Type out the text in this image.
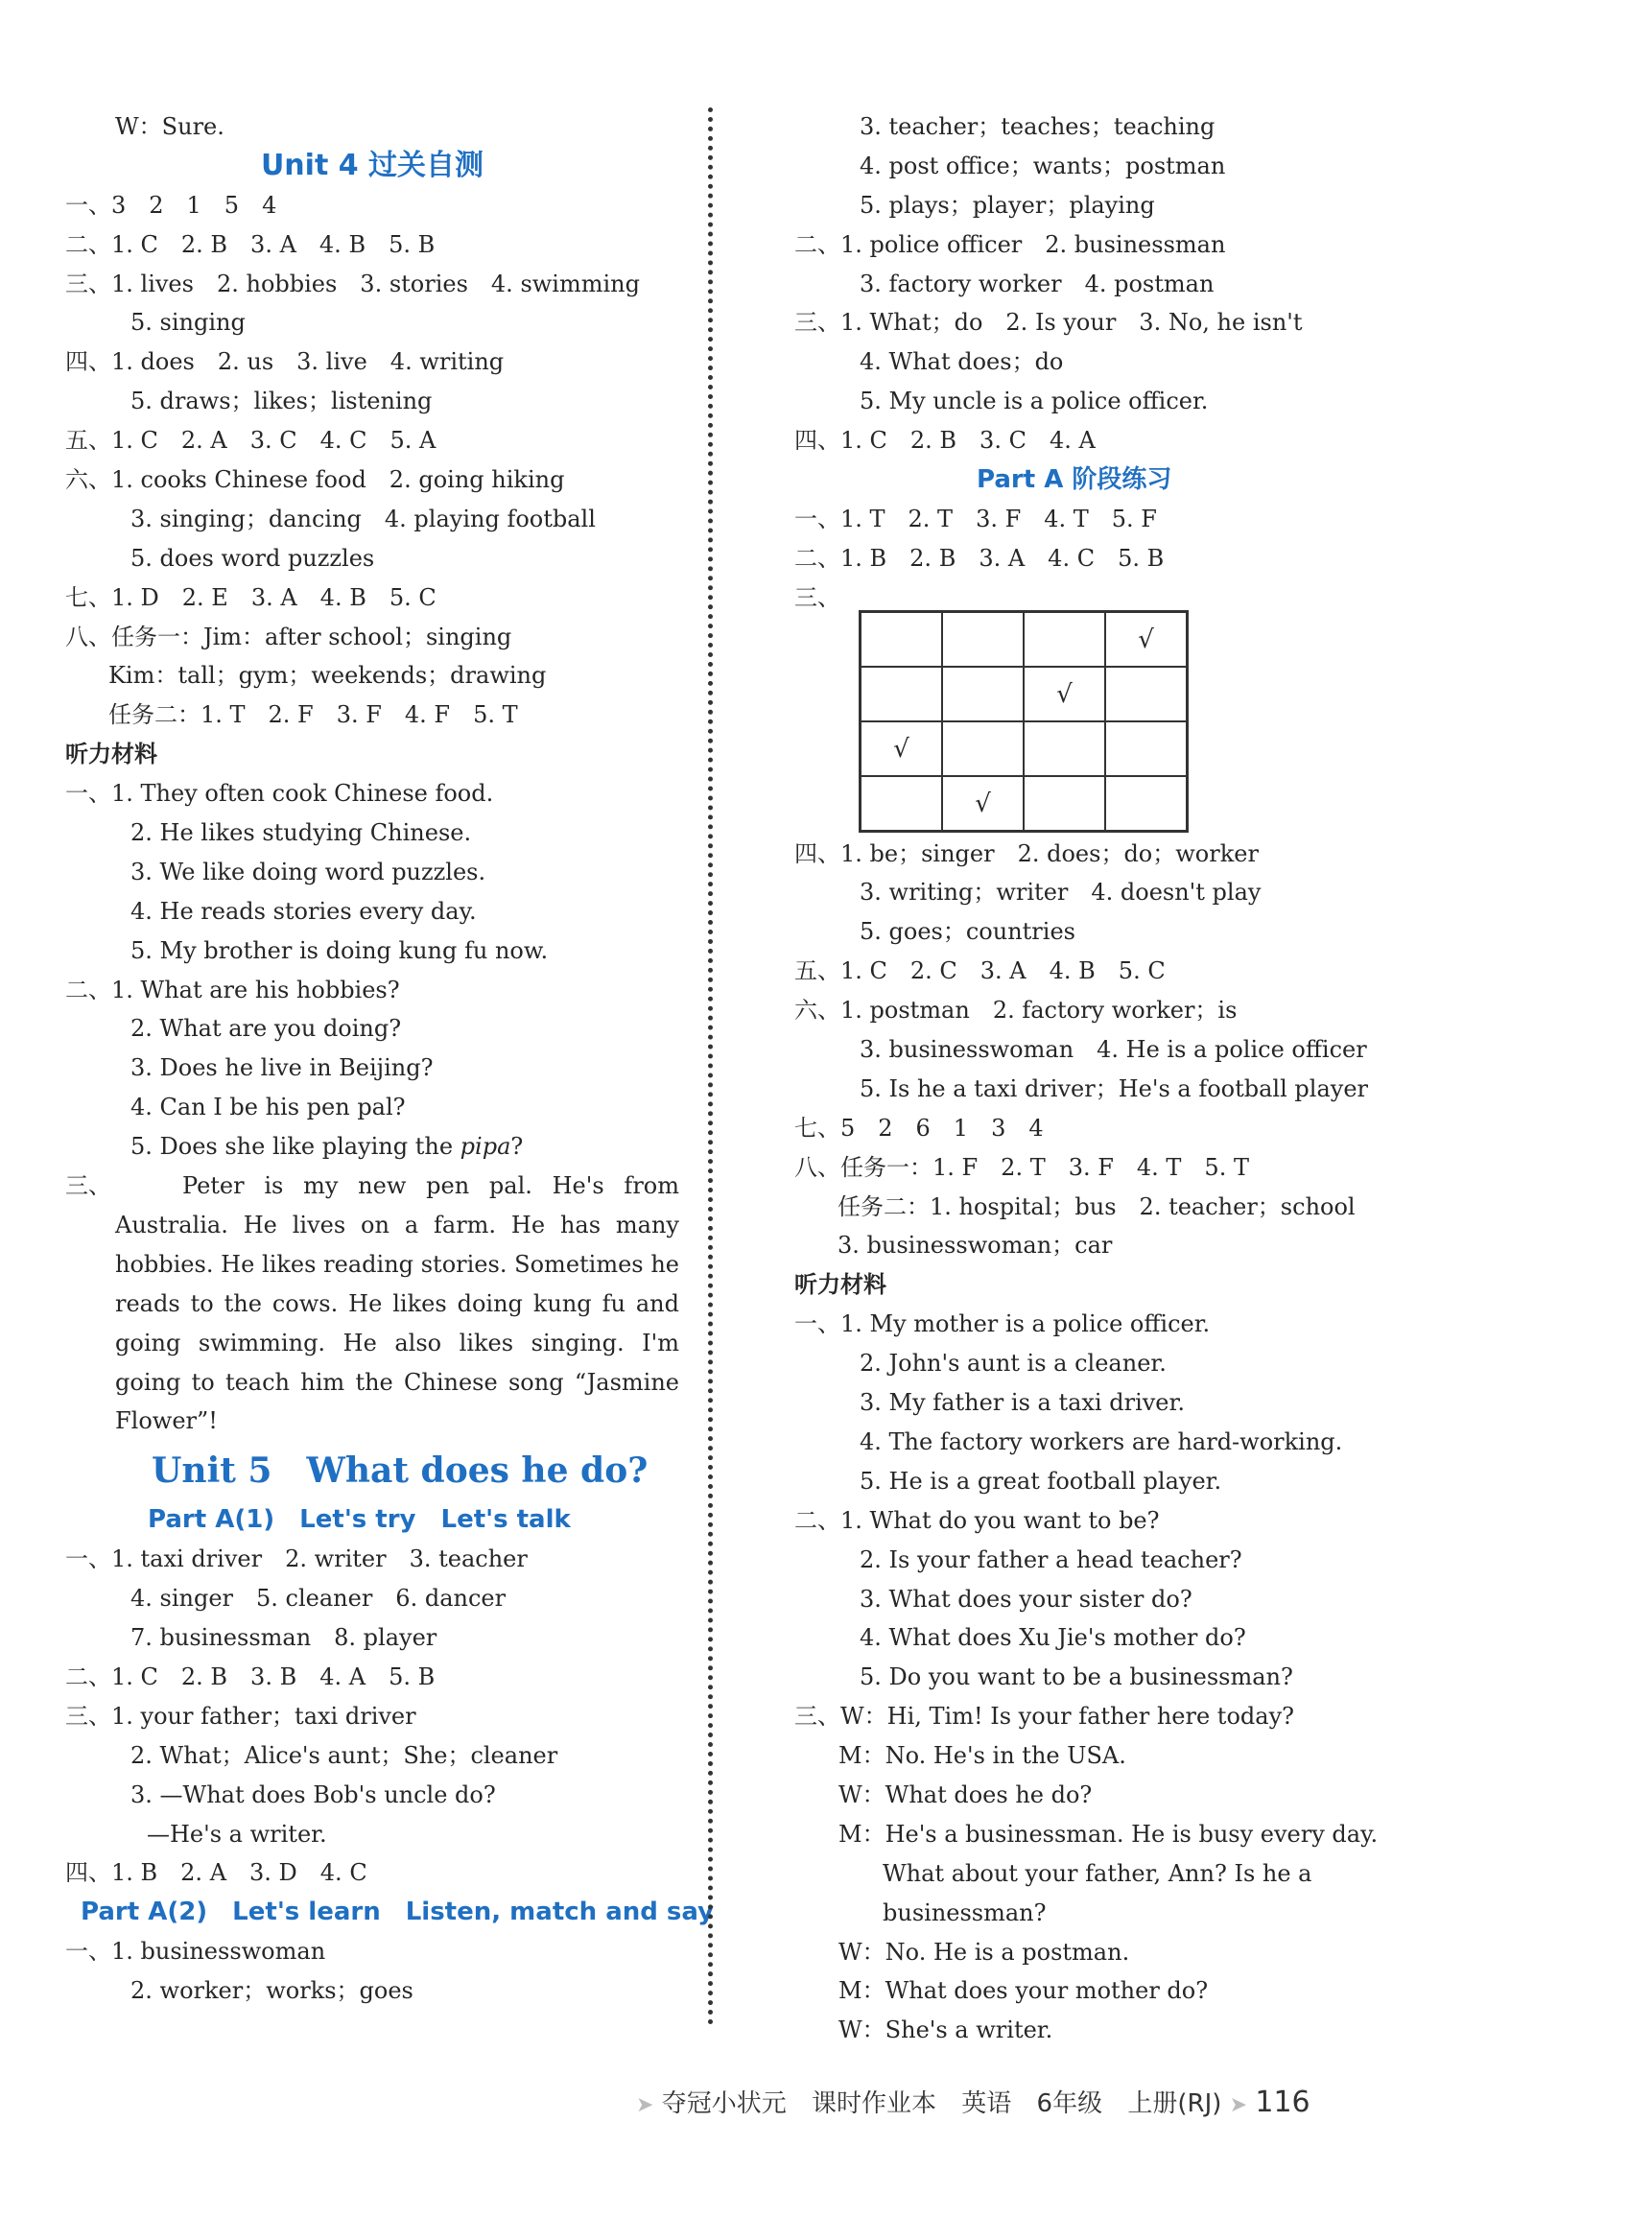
W：Sure.
Unit 4 过关自测
一、3　2　1　5　4
二、1. C　2. B　3. A　4. B　5. B
三、1. lives　2. hobbies　3. stories　4. swimming
5. singing
四、1. does　2. us　3. live　4. writing
5. draws；likes；listening
五、1. C　2. A　3. C　4. C　5. A
六、1. cooks Chinese food　2. going hiking
3. singing；dancing　4. playing football
5. does word puzzles
七、1. D　2. E　3. A　4. B　5. C
八、任务一：Jim：after school；singing
Kim：tall；gym；weekends；drawing
任务二：1. T　2. F　3. F　4. F　5. T
听力材料
一、1. They often cook Chinese food.
2. He likes studying Chinese.
3. We like doing word puzzles.
4. He reads stories every day.
5. My brother is doing kung fu now.
二、1. What are his hobbies?
2. What are you doing?
3. Does he live in Beijing?
4. Can I be his pen pal?
5. Does she like playing the pipa?
三、	Peter is my new pen pal. He's from
Australia. He lives on a farm. He has many hobbies. He likes reading stories. Sometimes he reads to the cows. He likes doing kung fu and going swimming. He also likes singing. I'm going to teach him the Chinese song “Jasmine Flower”!
Unit 5　What does he do?
Part A(1)　Let's try　Let's talk
一、1. taxi driver　2. writer　3. teacher
4. singer　5. cleaner　6. dancer
7. businessman　8. player
二、1. C　2. B　3. B　4. A　5. B
三、1. your father；taxi driver
2. What；Alice's aunt；She；cleaner
3. —What does Bob's uncle do?
—He's a writer.
四、1. B　2. A　3. D　4. C
Part A(2)　Let's learn　Listen, match and say
一、1. businesswoman
2. worker；works；goes
3. teacher；teaches；teaching
4. post office；wants；postman
5. plays；player；playing
二、1. police officer　2. businessman
3. factory worker　4. postman
三、1. What；do　2. Is your　3. No, he isn't
4. What does；do
5. My uncle is a police officer.
四、1. C　2. B　3. C　4. A
Part A 阶段练习
一、1. T　2. T　3. F　4. T　5. F
二、1. B　2. B　3. A　4. C　5. B
三、
四、1. be；singer　2. does；do；worker
3. writing；writer　4. doesn't play
5. goes；countries
五、1. C　2. C　3. A　4. B　5. C
六、1. postman　2. factory worker；is
3. businesswoman　4. He is a police officer
5. Is he a taxi driver；He's a football player
七、5　2　6　1　3　4
八、任务一：1. F　2. T　3. F　4. T　5. T
任务二：1. hospital；bus　2. teacher；school
3. businesswoman；car
听力材料
一、1. My mother is a police officer.
2. John's aunt is a cleaner.
3. My father is a taxi driver.
4. The factory workers are hard-working.
5. He is a great football player.
二、1. What do you want to be?
2. Is your father a head teacher?
3. What does your sister do?
4. What does Xu Jie's mother do?
5. Do you want to be a businessman?
三、W：Hi, Tim! Is your father here today?
M：No. He's in the USA.
W：What does he do?
M：He's a businessman. He is busy every day.
What about your father, Ann? Is he a
businessman?
W：No. He is a postman.
M：What does your mother do?
W：She's a writer.
			√
		√	
√			
	√		
➤ 夺冠小状元 课时作业本 英语 6年级 上册(RJ) ➤ 116
